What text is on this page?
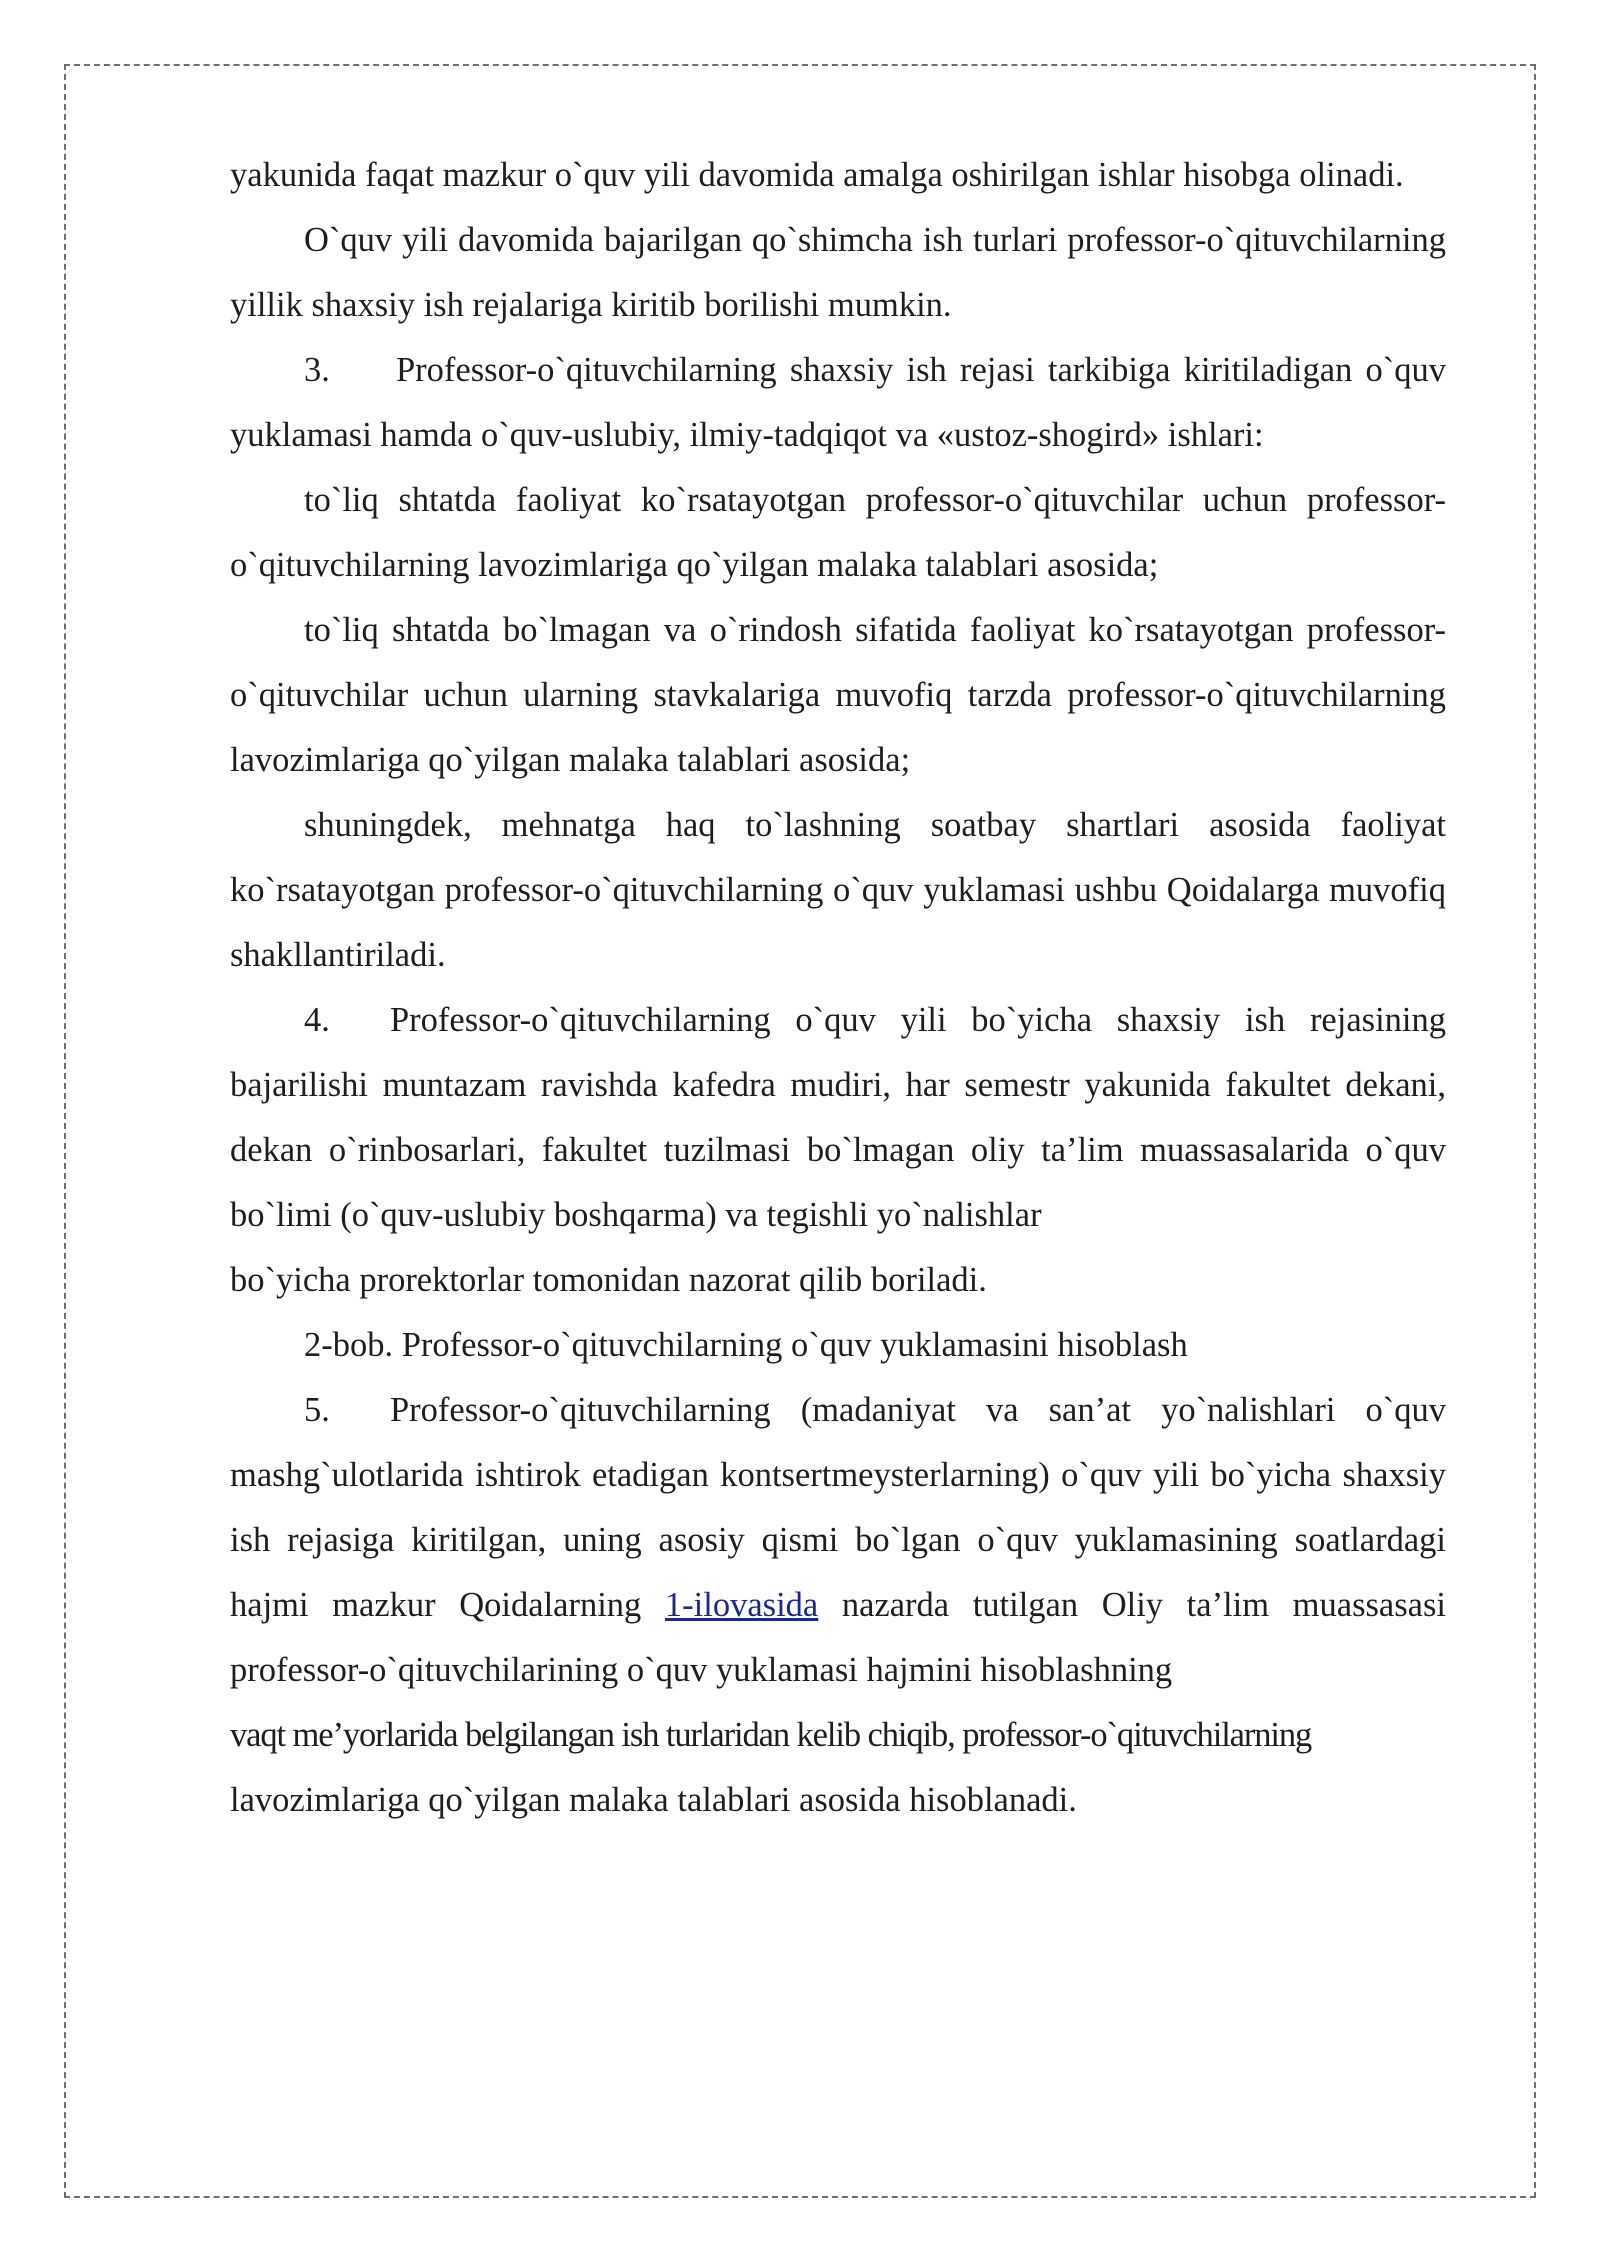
yakunida faqat mazkur o`quv yili davomida amalga oshirilgan ishlar hisobga olinadi.

O`quv yili davomida bajarilgan qo`shimcha ish turlari professor-o`qituvchilarning yillik shaxsiy ish rejalariga kiritib borilishi mumkin.

3. Professor-o`qituvchilarning shaxsiy ish rejasi tarkibiga kiritiladigan o`quv yuklamasi hamda o`quv-uslubiy, ilmiy-tadqiqot va «ustoz-shogird» ishlari:

to`liq shtatda faoliyat ko`rsatayotgan professor-o`qituvchilar uchun professor-o`qituvchilarning lavozimlariga qo`yilgan malaka talablari asosida;

to`liq shtatda bo`lmagan va o`rindosh sifatida faoliyat ko`rsatayotgan professor-o`qituvchilar uchun ularning stavkalariga muvofiq tarzda professor-o`qituvchilarning lavozimlariga qo`yilgan malaka talablari asosida;

shuningdek, mehnatga haq to`lashning soatbay shartlari asosida faoliyat ko`rsatayotgan professor-o`qituvchilarning o`quv yuklamasi ushbu Qoidalarga muvofiq shakllantiriladi.

4. Professor-o`qituvchilarning o`quv yili bo`yicha shaxsiy ish rejasining bajarilishi muntazam ravishda kafedra mudiri, har semestr yakunida fakultet dekani, dekan o`rinbosarlari, fakultet tuzilmasi bo`lmagan oliy ta’lim muassasalarida o`quv bo`limi (o`quv-uslubiy boshqarma) va tegishli yo`nalishlar

bo`yicha prorektorlar tomonidan nazorat qilib boriladi.

2-bob. Professor-o`qituvchilarning o`quv yuklamasini hisoblash

5. Professor-o`qituvchilarning (madaniyat va san’at yo`nalishlari o`quv mashg`ulotlarida ishtirok etadigan kontsertmeysterlarning) o`quv yili bo`yicha shaxsiy ish rejasiga kiritilgan, uning asosiy qismi bo`lgan o`quv yuklamasining soatlardagi hajmi mazkur Qoidalarning 1-ilovasida nazarda tutilgan Oliy ta’lim muassasasi professor-o`qituvchilarining o`quv yuklamasi hajmini hisoblashning

vaqt me’yorlarida belgilangan ish turlaridan kelib chiqib, professor-o`qituvchilarning

lavozimlariga qo`yilgan malaka talablari asosida hisoblanadi.
